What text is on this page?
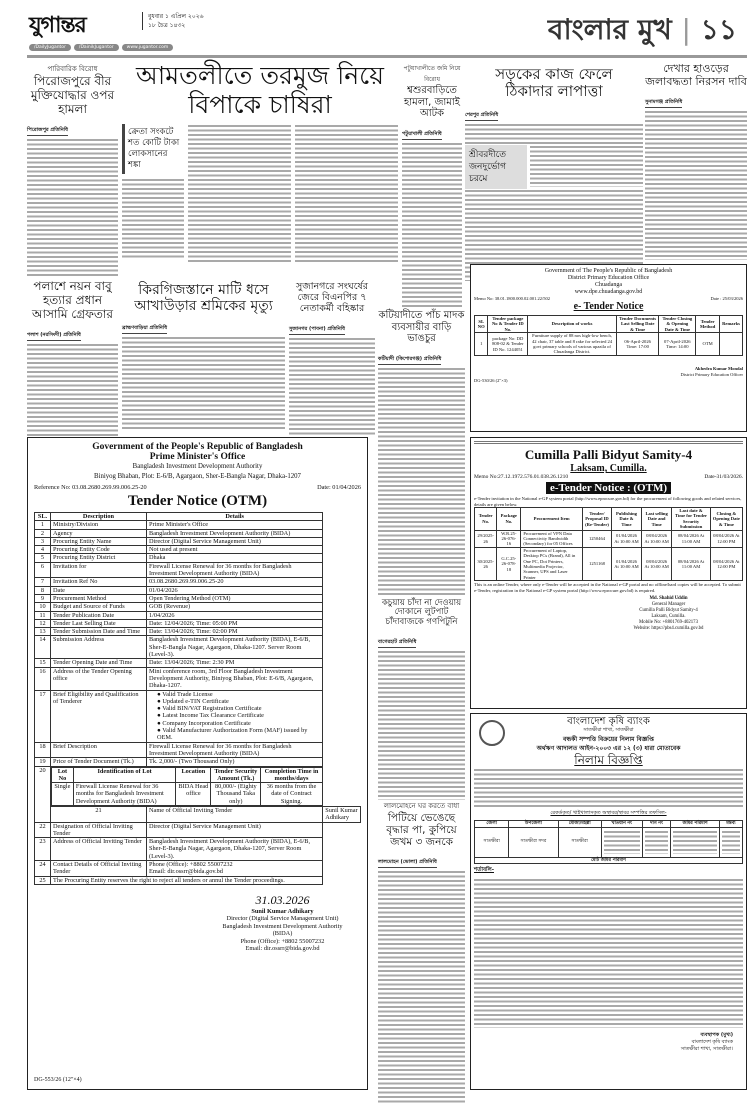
যুগান্তর	বুধবার ১ এপ্রিল ২০২৬
১৮ চৈত্র ১৪৩২
/DailyJugantor	/DainikJugantor	www.jugantor.com
বাংলার মুখ | ১১
পারিবারিক বিরোধ
পিরোজপুরে বীর মুক্তিযোদ্ধার ওপর হামলা
পিরোজপুর প্রতিনিধি
পলাশে নয়ন বাবু হত্যার প্রধান আসামি গ্রেফতার
পলাশ (নরসিংদী) প্রতিনিধি
আমতলীতে তরমুজ নিয়ে
বিপাকে চাষিরা
ক্রেতা সংকটে শত কোটি টাকা লোকসানের শঙ্কা
কিরগিজস্তানে মাটি ধসে আখাউড়ার শ্রমিকের মৃত্যু
ব্রাহ্মণবাড়িয়া প্রতিনিধি
সুজানগরে সংঘর্ষের জেরে বিএনপির ৭ নেতাকর্মী বহিষ্কার
সুজানগর (পাবনা) প্রতিনিধি
পটুয়াখালীতে জমি নিয়ে বিরোধ
শ্বশুরবাড়িতে হামলা, জামাই আটক
পটুয়াখালী প্রতিনিধি
কটিয়াদীতে পাঁচ মাদক ব্যবসায়ীর বাড়ি ভাঙচুর
কটিয়াদী (কিশোরগঞ্জ) প্রতিনিধি
কচুয়ায় চাঁদা না দেওয়ায় দোকানে লুটপাট চাঁদাবাজকে গণপিটুনি
বাগেরহাট প্রতিনিধি
লালমোহনে ঘর করতে বাধা
পিটিয়ে ভেঙেছে বৃদ্ধার পা, কুপিয়ে জখম ৩ জনকে
লালমোহন (ভোলা) প্রতিনিধি
সড়কের কাজ ফেলে ঠিকাদার লাপাত্তা
শেরপুর প্রতিনিধি
শ্রীবরদীতে জনদুর্ভোগ চরমে
দেখার হাওড়ের জলাবদ্ধতা নিরসন দাবি
সুনামগঞ্জ প্রতিনিধি
Government of The People's Republic of Bangladesh
District Primary Education Office
Chuadanga
www.dpe.chuadanga.gov.bd
Memo No: 38.01.1800.000.02.001.22/502	Date : 25/03/2026
e- Tender Notice
SL NO	Tender package No & Tender ID No.	Description of works	Tender Documents Last Selling Date & Time	Tender Closing & Opening Date & Time	Tender Method	Remarks
1	package No: DD 808-02 & Tender ID No. 1244051	Furniture supply of 88 nos high-low bench, 42 chair, 37 table and 8 rake for selected 24 govt primary schools of various upazila of Chuadanga District.	06-April-2026 Time: 17:00	07-April-2026 Time: 14:00	OTM	
Akhedra Kumar Mondal
District Primary Education Officer
DG-530/26 (2"×3)
Cumilla Palli Bidyut Samity-4
Laksam, Cumilla.
Memo No:27.12.1972.576.01.038.26.1210	Date-31/03/2026.
e-Tender Notice : (OTM)
e-Tender invitation in the National e-GP system portal (http://www.eprocure.gov.bd) for the procurement of following goods and related services, details are given below.
Tender No.	Package No.	Procurement Item	Tender/ Proposal ID (Re-Tender)	Publishing Date & Time	Last selling Date and Time	Last date & Time for Tender Security Submission	Closing & Opening Date & Time
29/2025-26	W.R.25-26-076-16	Procurement of VPN Data Connectivity Bandwidth (Secondary) for 05 Offices	1250464	01/04/2026 At 10:00 AM	08/04/2026 At 10:00 AM	08/04/2026 At 11:00 AM	08/04/2026 At 12:00 PM
30/2025-26	G.C.25-26-078-18	Procurement of Laptop, Desktop PCs (Brand), All in One PC, Dot Printers, Multimedia Projector, Scanner, UPS and Laser Printer	1251168	01/04/2026 At 10:00 AM	08/04/2026 At 10:00 AM	08/04/2026 At 11:00 AM	08/04/2026 At 12:00 PM
This is an online Tender, where only e-Tender will be accepted in the National e-GP portal and no offline/hard copies will be accepted. To submit e-Tender, registration in the National e-GP system portal (http://www.eprocure.gov.bd) is required.
Md. Shahid Uddin
General Manager
Cumilla Palli Bidyut Samity-4
Laksam, Cumilla.
Mobile No: +8801769-402173
Website: https://pbs4.cumilla.gov.bd
বাংলাদেশ কৃষি ব্যাংক
সাতক্ষীরা শাখা, সাতক্ষীরা
বন্ধকী সম্পত্তি বিক্রয়ের নিলাম বিজ্ঞপ্তি
অর্থঋণ আদালত আইন-২০০৩ এর ১২ (৩) ধারা মোতাবেক
নিলাম বিজ্ঞপ্তি
রেকর্ডকৃত/ খাইখালাসকৃত অস্থাবর/স্থাবর সম্পত্তির তফসিল-
জেলা	উপজেলা	মৌজা/মহল্লা	খতিয়ান নং	দাগ নং	জমির পরিমাণ	মন্তব্য
সাতক্ষীরা	সাতক্ষীরা সদর	সাতক্ষীরা	

মোট জমির পরিমাণ						
শর্তাবলি-
ব্যবস্থাপক (মুখ্য)
বাংলাদেশ কৃষি ব্যাংক
সাতক্ষীরা শাখা, সাতক্ষীরা।
Government of the People's Republic of Bangladesh
Prime Minister's Office
Bangladesh Investment Development Authority
Biniyog Bhaban, Plot: E-6/B, Agargaon, Sher-E-Bangla Nagar, Dhaka-1207
Reference No: 03.08.2680.269.99.006.25-20	Date: 01/04/2026
Tender Notice (OTM)
SL.	Description	Details
1	Ministry/Division	Prime Minister's Office
2	Agency	Bangladesh Investment Development Authority (BIDA)
3	Procuring Entity Name	Director (Digital Service Management Unit)
4	Procuring Entity Code	Not used at present
5	Procuring Entity District	Dhaka
6	Invitation for	Firewall License Renewal for 36 months for Bangladesh Investment Development Authority (BIDA)
7	Invitation Ref No	03.08.2680.269.99.006.25-20
8	Date	01/04/2026
9	Procurement Method	Open Tendering Method (OTM)
10	Budget and Source of Funds	GOB (Revenue)
11	Tender Publication Date	1/04/2026
12	Tender Last Selling Date	Date: 12/04/2026; Time: 05:00 PM
13	Tender Submission Date and Time	Date: 13/04/2026; Time: 02:00 PM
14	Submission Address	Bangladesh Investment Development Authority (BIDA), E-6/B, Sher-E-Bangla Nagar, Agargaon, Dhaka-1207. Server Room (Level-3).
15	Tender Opening Date and Time	Date: 13/04/2026; Time: 2:30 PM
16	Address of the Tender Opening office	Mini conference room, 3rd Floor Bangladesh Investment Development Authority, Biniyog Bhaban, Plot: E-6/B, Agargaon, Dhaka-1207.
17	Brief Eligibility and Qualification of Tenderer	
● Valid Trade License
● Updated e-TIN Certificate
● Valid BIN/VAT Registration Certificate
● Latest Income Tax Clearance Certificate
● Company Incorporation Certificate
● Valid Manufacturer Authorization Form (MAF) issued by OEM.

18	Brief Description	Firewall License Renewal for 36 months for Bangladesh Investment Development Authority (BIDA)
19	Price of Tender Document (Tk.)	Tk. 2,000/- (Two Thousand Only)
20	Lot No	Identification of Lot	Location	Tender Security Amount (Tk.)	Completion Time in months/days
Single	Firewall License Renewal for 36 months for Bangladesh Investment Development Authority (BIDA)	BIDA Head office	80,000/- (Eighty Thousand Taka only)	36 months from the date of Contract Signing.

21	Name of Official Inviting Tender	Sunil Kumar Adhikary
22	Designation of Official Inviting Tender	Director (Digital Service Management Unit)
23	Address of Official Inviting Tender	Bangladesh Investment Development Authority (BIDA), E-6/B, Sher-E-Bangla Nagar, Agargaon, Dhaka-1207, Server Room (Level-3).
24	Contact Details of Official Inviting Tender	Phone (Office): +8802 55007232
Email: dir.ossrr@bida.gov.bd
25	The Procuring Entity reserves the right to reject all tenders or annul the Tender proceedings.
31.03.2026
Sunil Kumar Adhikary
Director (Digital Service Management Unit)
Bangladesh Investment Development Authority
(BIDA)
Phone (Office): +8802 55007232
Email: dir.ossrr@bida.gov.bd
DG-553/26 (12"×4)
